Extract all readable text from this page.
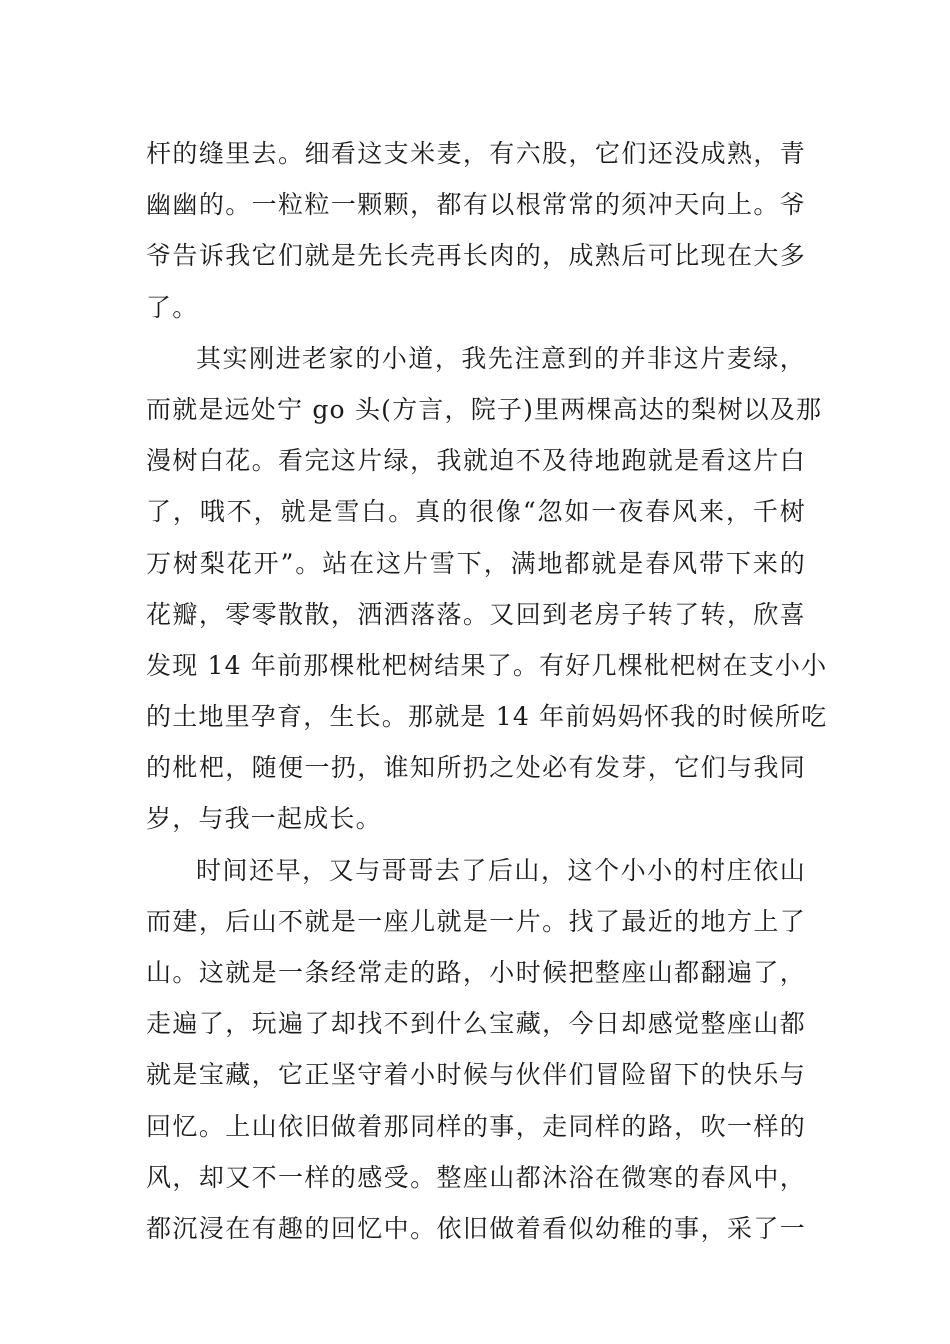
杆的缝里去。细看这支米麦，有六股，它们还没成熟，青
幽幽的。一粒粒一颗颗，都有以根常常的须冲天向上。爷
爷告诉我它们就是先长壳再长肉的，成熟后可比现在大多
了。
其实刚进老家的小道，我先注意到的并非这片麦绿，
而就是远处宁 go 头(方言，院子)里两棵高达的梨树以及那
漫树白花。看完这片绿，我就迫不及待地跑就是看这片白
了，哦不，就是雪白。真的很像“忽如一夜春风来，千树
万树梨花开”。站在这片雪下，满地都就是春风带下来的
花瓣，零零散散，洒洒落落。又回到老房子转了转，欣喜
发现 14 年前那棵枇杷树结果了。有好几棵枇杷树在支小小
的土地里孕育，生长。那就是 14 年前妈妈怀我的时候所吃
的枇杷，随便一扔，谁知所扔之处必有发芽，它们与我同
岁，与我一起成长。
时间还早，又与哥哥去了后山，这个小小的村庄依山
而建，后山不就是一座儿就是一片。找了最近的地方上了
山。这就是一条经常走的路，小时候把整座山都翻遍了，
走遍了，玩遍了却找不到什么宝藏，今日却感觉整座山都
就是宝藏，它正坚守着小时候与伙伴们冒险留下的快乐与
回忆。上山依旧做着那同样的事，走同样的路，吹一样的
风，却又不一样的感受。整座山都沐浴在微寒的春风中，
都沉浸在有趣的回忆中。依旧做着看似幼稚的事，采了一
